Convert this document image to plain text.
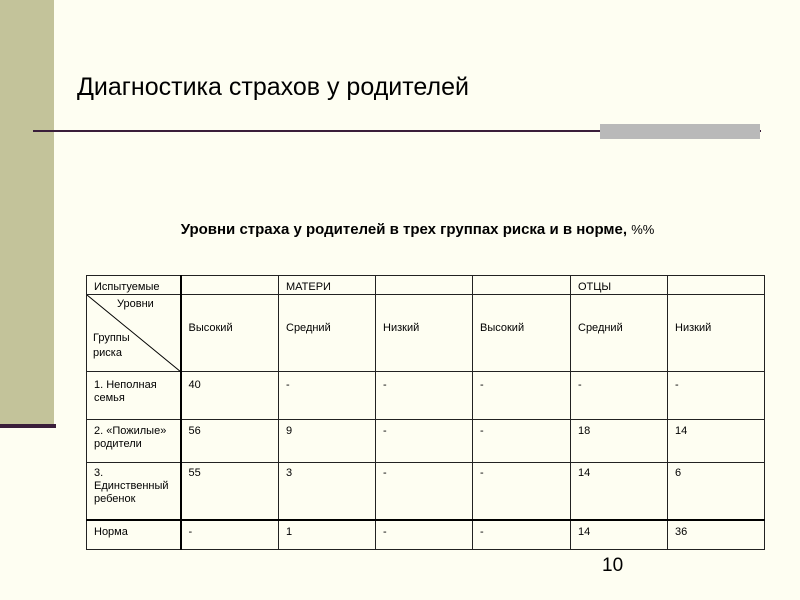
Диагностика страхов у родителей
Уровни страха у родителей в трех группах риска и в норме, %%
Испытуемые		МАТЕРИ			ОТЦЫ	

Уровни
Группы
риска	Высокий	Средний	Низкий	Высокий	Средний	Низкий
1. Неполная семья	40	-	-	-	-	-
2. «Пожилые» родители	56	9	-	-	18	14
3. Единственный ребенок	55	3	-	-	14	6
Норма	-	1	-	-	14	36
10
